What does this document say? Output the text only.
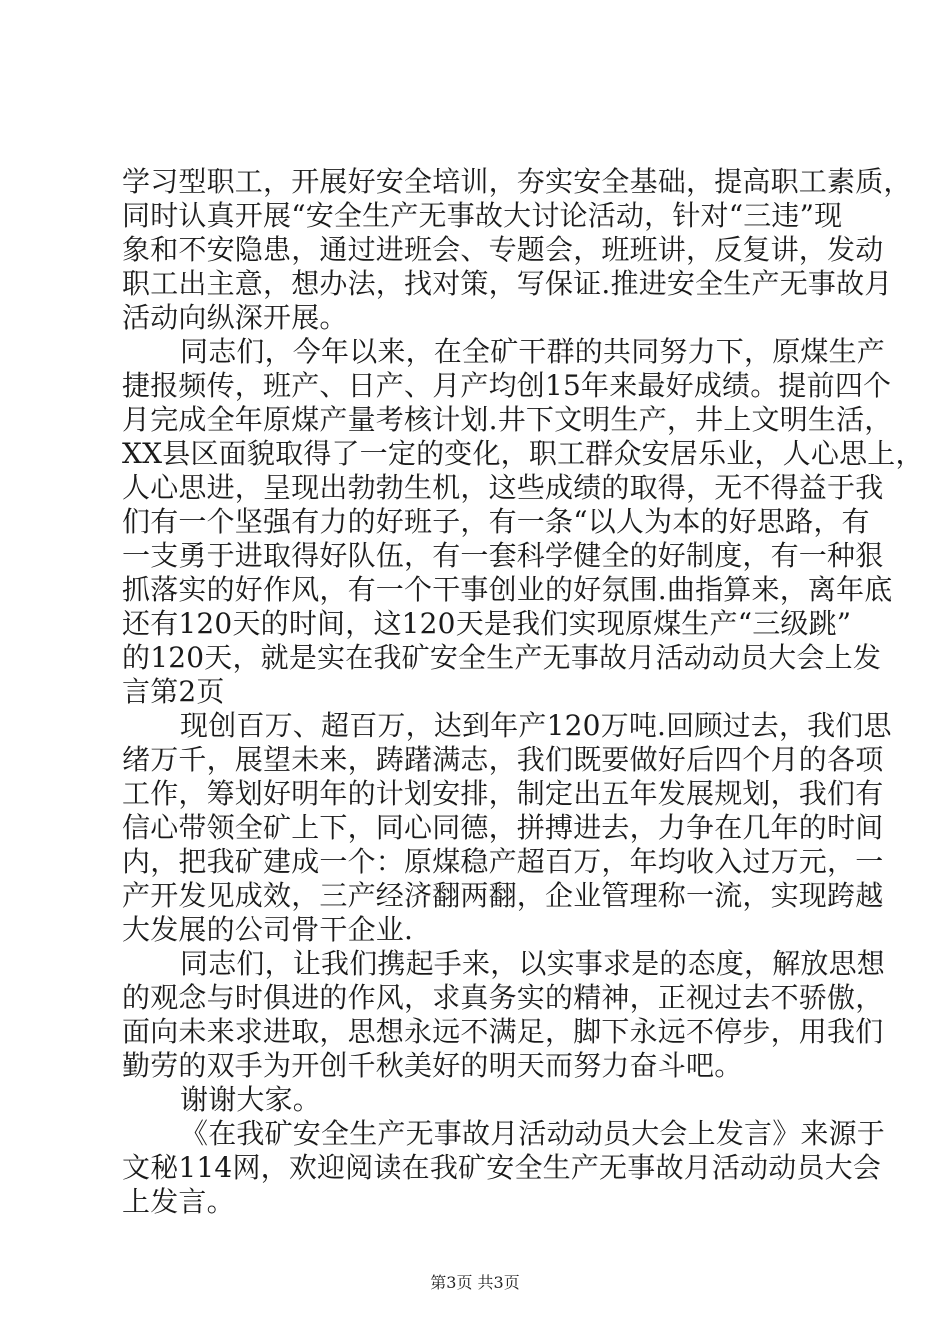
学习型职工，开展好安全培训，夯实安全基础，提高职工素质，
同时认真开展“安全生产无事故大讨论活动，针对“三违”现
象和不安隐患，通过进班会、专题会，班班讲，反复讲，发动
职工出主意，想办法，找对策，写保证.推进安全生产无事故月
活动向纵深开展。
同志们，今年以来，在全矿干群的共同努力下，原煤生产
捷报频传，班产、日产、月产均创15年来最好成绩。提前四个
月完成全年原煤产量考核计划.井下文明生产，井上文明生活，
XX县区面貌取得了一定的变化，职工群众安居乐业，人心思上，
人心思进，呈现出勃勃生机，这些成绩的取得，无不得益于我
们有一个坚强有力的好班子，有一条“以人为本的好思路，有
一支勇于进取得好队伍，有一套科学健全的好制度，有一种狠
抓落实的好作风，有一个干事创业的好氛围.曲指算来，离年底
还有120天的时间，这120天是我们实现原煤生产“三级跳”
的120天，就是实在我矿安全生产无事故月活动动员大会上发
言第2页
现创百万、超百万，达到年产120万吨.回顾过去，我们思
绪万千，展望未来，踌躇满志，我们既要做好后四个月的各项
工作，筹划好明年的计划安排，制定出五年发展规划，我们有
信心带领全矿上下，同心同德，拼搏进去，力争在几年的时间
内，把我矿建成一个：原煤稳产超百万，年均收入过万元，一
产开发见成效，三产经济翻两翻，企业管理称一流，实现跨越
大发展的公司骨干企业.
同志们，让我们携起手来，以实事求是的态度，解放思想
的观念与时俱进的作风，求真务实的精神，正视过去不骄傲，
面向未来求进取，思想永远不满足，脚下永远不停步，用我们
勤劳的双手为开创千秋美好的明天而努力奋斗吧。
谢谢大家。
《在我矿安全生产无事故月活动动员大会上发言》来源于
文秘114网，欢迎阅读在我矿安全生产无事故月活动动员大会
上发言。
第3页 共3页
